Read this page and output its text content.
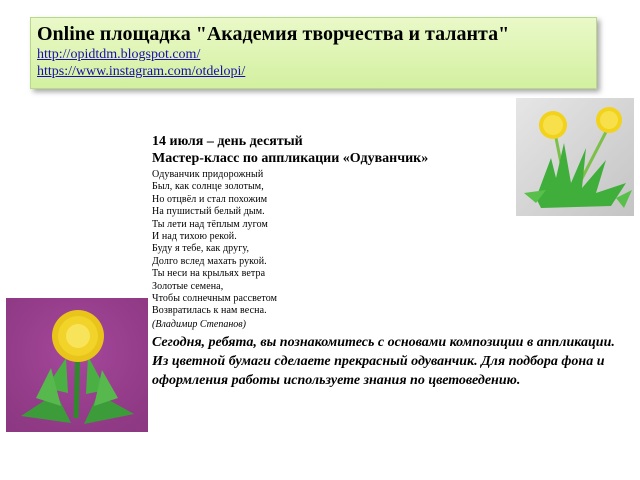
Online площадка "Академия творчества и таланта"
http://opidtdm.blogspot.com/
https://www.instagram.com/otdelopi/
14 июля – день десятый
Мастер-класс по аппликации «Одуванчик»
Одуванчик придорожный
Был, как солнце золотым,
Но отцвёл и стал похожим
На пушистый белый дым.
Ты лети над тёплым лугом
И над тихою рекой.
Буду я тебе, как другу,
Долго вслед махать рукой.
Ты неси на крыльях ветра
Золотые семена,
Чтобы солнечным рассветом
Возвратилась к нам весна.
(Владимир Степанов)
Сегодня, ребята, вы познакомитесь с основами композиции в аппликации. Из цветной бумаги сделаете прекрасный одуванчик. Для подбора фона и оформления работы используете знания по цветоведению.
